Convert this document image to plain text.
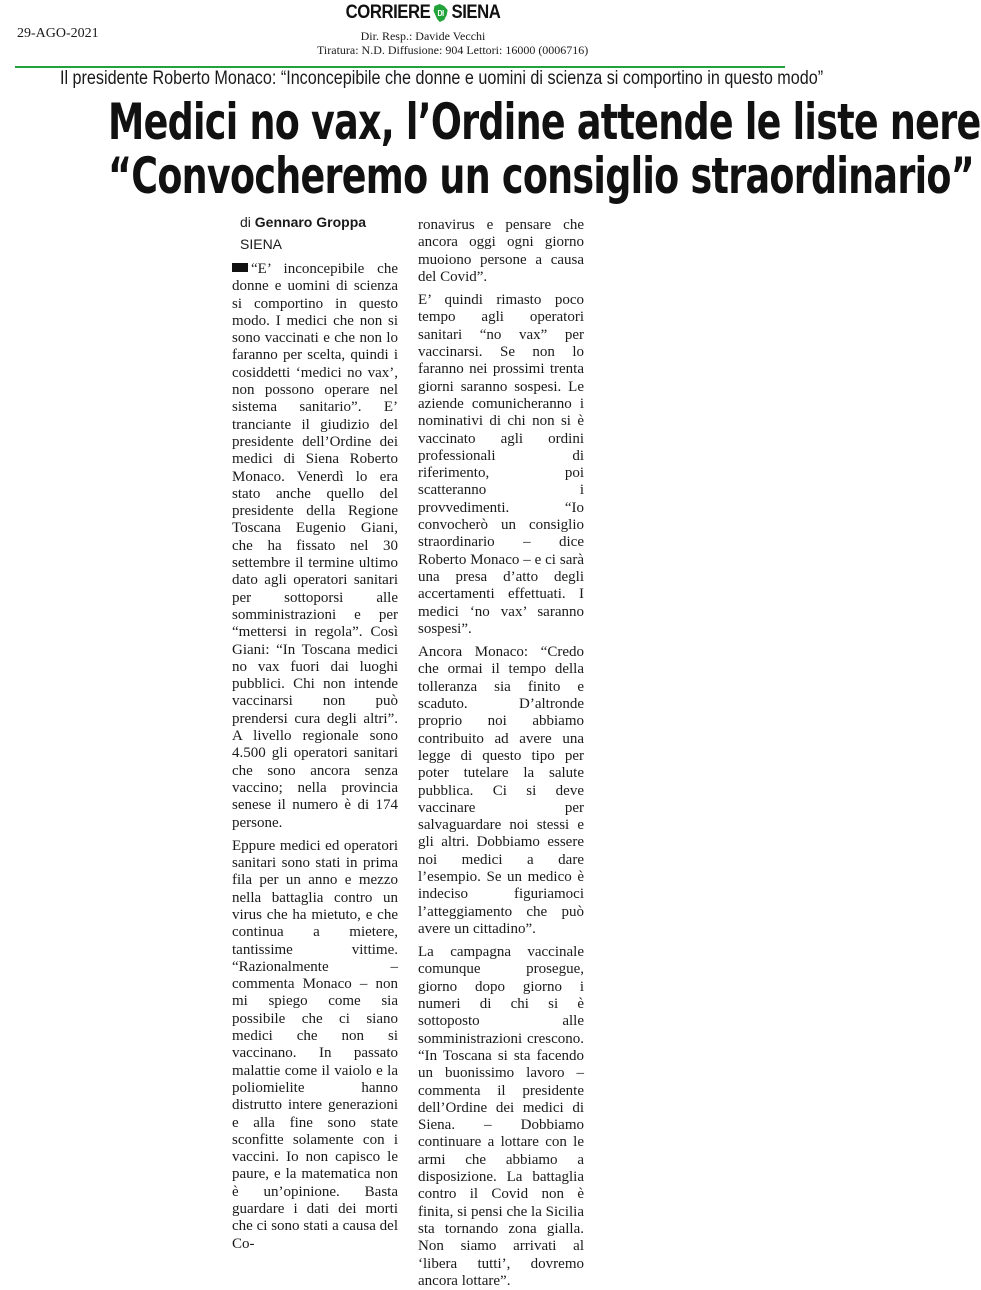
29-AGO-2021
CORRIERE DI SIENA
Dir. Resp.: Davide Vecchi
Tiratura: N.D. Diffusione: 904 Lettori: 16000 (0006716)
Il presidente Roberto Monaco: “Inconcepibile che donne e uomini di scienza si comportino in questo modo”
Medici no vax, l’Ordine attende le liste nere
“Convocheremo un consiglio straordinario”
di Gennaro Groppa
SIENA

“E’ inconcepibile che donne e uomini di scienza si comportino in questo modo. I medici che non si sono vaccinati e che non lo faranno per scelta, quindi i cosiddetti ‘medici no vax’, non possono operare nel sistema sanitario”. E’ tranciante il giudizio del presidente dell’Ordine dei medici di Siena Roberto Monaco. Venerdì lo era stato anche quello del presidente della Regione Toscana Eugenio Giani, che ha fissato nel 30 settembre il termine ultimo dato agli operatori sanitari per sottoporsi alle somministrazioni e per “mettersi in regola”. Così Giani: “In Toscana medici no vax fuori dai luoghi pubblici. Chi non intende vaccinarsi non può prendersi cura degli altri”. A livello regionale sono 4.500 gli operatori sanitari che sono ancora senza vaccino; nella provincia senese il numero è di 174 persone.

Eppure medici ed operatori sanitari sono stati in prima fila per un anno e mezzo nella battaglia contro un virus che ha mietuto, e che continua a mietere, tantissime vittime. “Razionalmente – commenta Monaco – non mi spiego come sia possibile che ci siano medici che non si vaccinano. In passato malattie come il vaiolo e la poliomielite hanno distrutto intere generazioni e alla fine sono state sconfitte solamente con i vaccini. Io non capisco le paure, e la matematica non è un’opinione. Basta guardare i dati dei morti che ci sono stati a causa del Co-

ronavirus e pensare che ancora oggi ogni giorno muoiono persone a causa del Covid”.

E’ quindi rimasto poco tempo agli operatori sanitari “no vax” per vaccinarsi. Se non lo faranno nei prossimi trenta giorni saranno sospesi. Le aziende comunicheranno i nominativi di chi non si è vaccinato agli ordini professionali di riferimento, poi scatteranno i provvedimenti. “Io convocherò un consiglio straordinario – dice Roberto Monaco – e ci sarà una presa d’atto degli accertamenti effettuati. I medici ‘no vax’ saranno sospesi”.

Ancora Monaco: “Credo che ormai il tempo della tolleranza sia finito e scaduto. D’altronde proprio noi abbiamo contribuito ad avere una legge di questo tipo per poter tutelare la salute pubblica. Ci si deve vaccinare per salvaguardare noi stessi e gli altri. Dobbiamo essere noi medici a dare l’esempio. Se un medico è indeciso figuriamoci l’atteggiamento che può avere un cittadino”.

La campagna vaccinale comunque prosegue, giorno dopo giorno i numeri di chi si è sottoposto alle somministrazioni crescono. “In Toscana si sta facendo un buonissimo lavoro – commenta il presidente dell’Ordine dei medici di Siena. – Dobbiamo continuare a lottare con le armi che abbiamo a disposizione. La battaglia contro il Covid non è finita, si pensi che la Sicilia sta tornando zona gialla. Non siamo arrivati al ‘libera tutti’, dovremo ancora lottare”.
